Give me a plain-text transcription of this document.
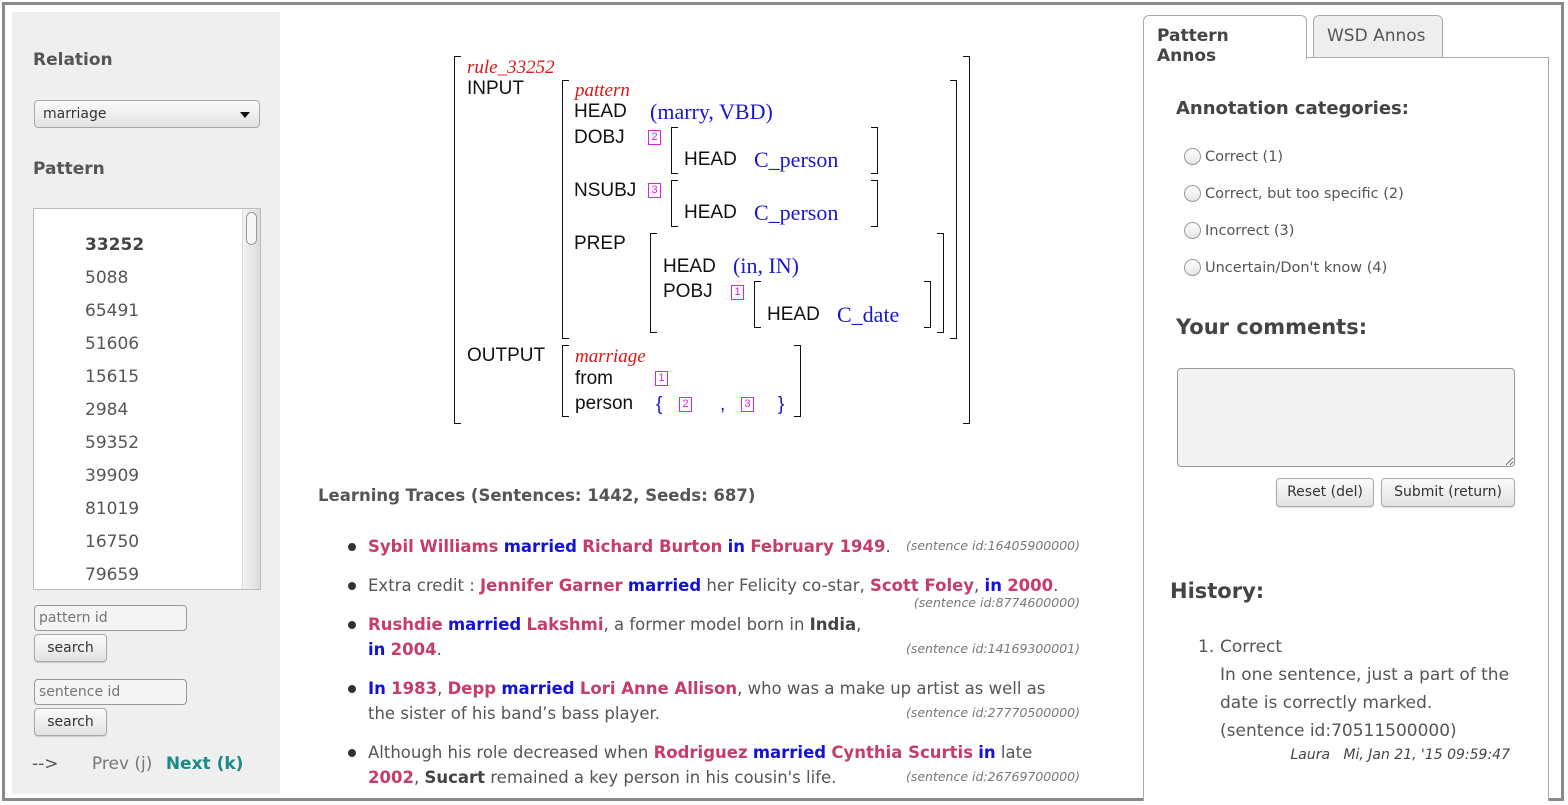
Relation
marriage
Pattern
33252
5088
65491
51606
15615
2984
59352
39909
81019
16750
79659
pattern id
search
sentence id
search
--> Prev (j) Next (k)
rule_33252
INPUT	pattern
HEAD (marry, VBD)
DOBJ	2
HEAD C_person
NSUBJ	3
HEAD C_person
PREP
HEAD (in, IN)
POBJ	1
HEAD C_date
OUTPUT marriage
from	1
person {	2 ,	3 }
Learning Traces (Sentences: 1442, Seeds: 687)
Sybil Williams married Richard Burton in February 1949. (sentence id:16405900000)
Extra credit : Jennifer Garner married her Felicity co-star, Scott Foley, in 2000.
(sentence id:8774600000)
Rushdie married Lakshmi, a former model born in India, in 2004.	(sentence id:14169300001)
In 1983, Depp married Lori Anne Allison, who was a make up artist as well as the sister of his band’s bass player.	(sentence id:27770500000)
Although his role decreased when Rodriguez married Cynthia Scurtis in late 2002, Sucart remained a key person in his cousin's life.	(sentence id:26769700000)
Pattern Annos
WSD Annos
Annotation categories:
Correct (1)
Correct, but too specific (2)
Incorrect (3)
Uncertain/Don't know (4)
Your comments:
Reset (del)	Submit (return)
History:
1. Correct
In one sentence, just a part of the date is correctly marked.
(sentence id:70511500000)
Laura Mi, Jan 21, '15 09:59:47
